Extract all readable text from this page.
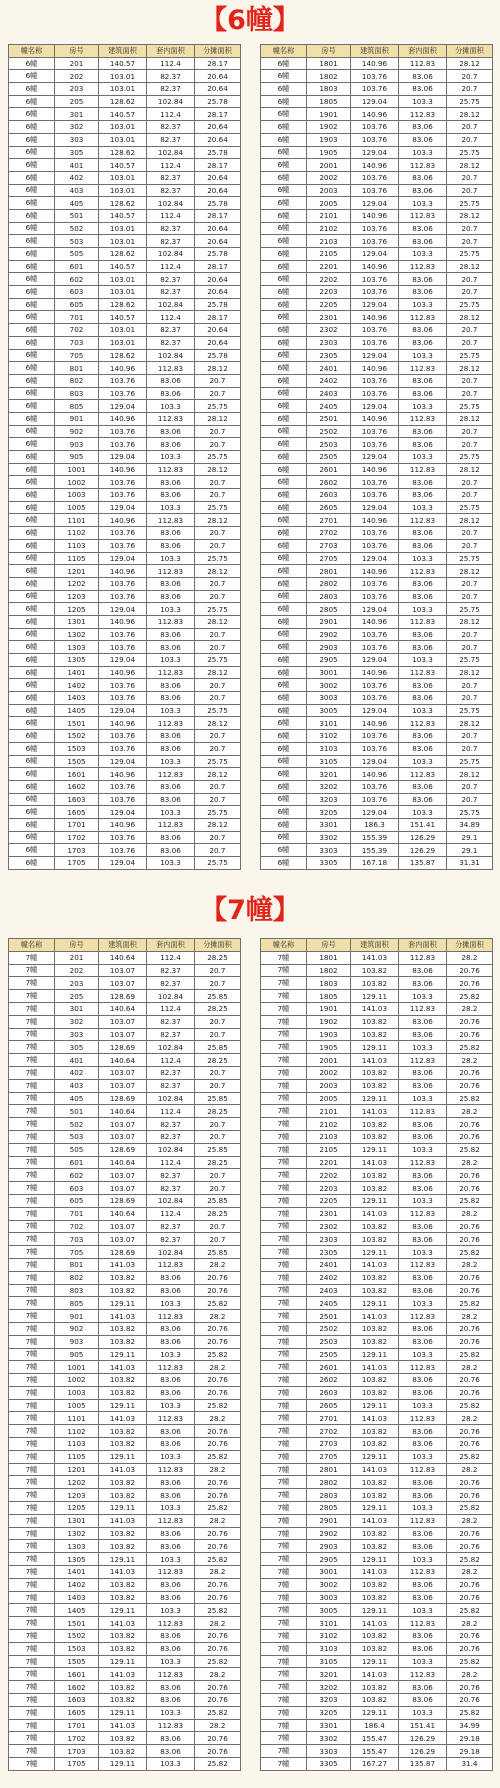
【6幢】
幢名称	房号	建筑面积	套内面积	分摊面积
6幢	201	140.57	112.4	28.17
6幢	202	103.01	82.37	20.64
6幢	203	103.01	82.37	20.64
6幢	205	128.62	102.84	25.78
6幢	301	140.57	112.4	28.17
6幢	302	103.01	82.37	20.64
6幢	303	103.01	82.37	20.64
6幢	305	128.62	102.84	25.78
6幢	401	140.57	112.4	28.17
6幢	402	103.01	82.37	20.64
6幢	403	103.01	82.37	20.64
6幢	405	128.62	102.84	25.78
6幢	501	140.57	112.4	28.17
6幢	502	103.01	82.37	20.64
6幢	503	103.01	82.37	20.64
6幢	505	128.62	102.84	25.78
6幢	601	140.57	112.4	28.17
6幢	602	103.01	82.37	20.64
6幢	603	103.01	82.37	20.64
6幢	605	128.62	102.84	25.78
6幢	701	140.57	112.4	28.17
6幢	702	103.01	82.37	20.64
6幢	703	103.01	82.37	20.64
6幢	705	128.62	102.84	25.78
6幢	801	140.96	112.83	28.12
6幢	802	103.76	83.06	20.7
6幢	803	103.76	83.06	20.7
6幢	805	129.04	103.3	25.75
6幢	901	140.96	112.83	28.12
6幢	902	103.76	83.06	20.7
6幢	903	103.76	83.06	20.7
6幢	905	129.04	103.3	25.75
6幢	1001	140.96	112.83	28.12
6幢	1002	103.76	83.06	20.7
6幢	1003	103.76	83.06	20.7
6幢	1005	129.04	103.3	25.75
6幢	1101	140.96	112.83	28.12
6幢	1102	103.76	83.06	20.7
6幢	1103	103.76	83.06	20.7
6幢	1105	129.04	103.3	25.75
6幢	1201	140.96	112.83	28.12
6幢	1202	103.76	83.06	20.7
6幢	1203	103.76	83.06	20.7
6幢	1205	129.04	103.3	25.75
6幢	1301	140.96	112.83	28.12
6幢	1302	103.76	83.06	20.7
6幢	1303	103.76	83.06	20.7
6幢	1305	129.04	103.3	25.75
6幢	1401	140.96	112.83	28.12
6幢	1402	103.76	83.06	20.7
6幢	1403	103.76	83.06	20.7
6幢	1405	129.04	103.3	25.75
6幢	1501	140.96	112.83	28.12
6幢	1502	103.76	83.06	20.7
6幢	1503	103.76	83.06	20.7
6幢	1505	129.04	103.3	25.75
6幢	1601	140.96	112.83	28.12
6幢	1602	103.76	83.06	20.7
6幢	1603	103.76	83.06	20.7
6幢	1605	129.04	103.3	25.75
6幢	1701	140.96	112.83	28.12
6幢	1702	103.76	83.06	20.7
6幢	1703	103.76	83.06	20.7
6幢	1705	129.04	103.3	25.75
幢名称	房号	建筑面积	套内面积	分摊面积
6幢	1801	140.96	112.83	28.12
6幢	1802	103.76	83.06	20.7
6幢	1803	103.76	83.06	20.7
6幢	1805	129.04	103.3	25.75
6幢	1901	140.96	112.83	28.12
6幢	1902	103.76	83.06	20.7
6幢	1903	103.76	83.06	20.7
6幢	1905	129.04	103.3	25.75
6幢	2001	140.96	112.83	28.12
6幢	2002	103.76	83.06	20.7
6幢	2003	103.76	83.06	20.7
6幢	2005	129.04	103.3	25.75
6幢	2101	140.96	112.83	28.12
6幢	2102	103.76	83.06	20.7
6幢	2103	103.76	83.06	20.7
6幢	2105	129.04	103.3	25.75
6幢	2201	140.96	112.83	28.12
6幢	2202	103.76	83.06	20.7
6幢	2203	103.76	83.06	20.7
6幢	2205	129.04	103.3	25.75
6幢	2301	140.96	112.83	28.12
6幢	2302	103.76	83.06	20.7
6幢	2303	103.76	83.06	20.7
6幢	2305	129.04	103.3	25.75
6幢	2401	140.96	112.83	28.12
6幢	2402	103.76	83.06	20.7
6幢	2403	103.76	83.06	20.7
6幢	2405	129.04	103.3	25.75
6幢	2501	140.96	112.83	28.12
6幢	2502	103.76	83.06	20.7
6幢	2503	103.76	83.06	20.7
6幢	2505	129.04	103.3	25.75
6幢	2601	140.96	112.83	28.12
6幢	2602	103.76	83.06	20.7
6幢	2603	103.76	83.06	20.7
6幢	2605	129.04	103.3	25.75
6幢	2701	140.96	112.83	28.12
6幢	2702	103.76	83.06	20.7
6幢	2703	103.76	83.06	20.7
6幢	2705	129.04	103.3	25.75
6幢	2801	140.96	112.83	28.12
6幢	2802	103.76	83.06	20.7
6幢	2803	103.76	83.06	20.7
6幢	2805	129.04	103.3	25.75
6幢	2901	140.96	112.83	28.12
6幢	2902	103.76	83.06	20.7
6幢	2903	103.76	83.06	20.7
6幢	2905	129.04	103.3	25.75
6幢	3001	140.96	112.83	28.12
6幢	3002	103.76	83.06	20.7
6幢	3003	103.76	83.06	20.7
6幢	3005	129.04	103.3	25.75
6幢	3101	140.96	112.83	28.12
6幢	3102	103.76	83.06	20.7
6幢	3103	103.76	83.06	20.7
6幢	3105	129.04	103.3	25.75
6幢	3201	140.96	112.83	28.12
6幢	3202	103.76	83.06	20.7
6幢	3203	103.76	83.06	20.7
6幢	3205	129.04	103.3	25.75
6幢	3301	186.3	151.41	34.89
6幢	3302	155.39	126.29	29.1
6幢	3303	155.39	126.29	29.1
6幢	3305	167.18	135.87	31.31
【7幢】
幢名称	房号	建筑面积	套内面积	分摊面积
7幢	201	140.64	112.4	28.25
7幢	202	103.07	82.37	20.7
7幢	203	103.07	82.37	20.7
7幢	205	128.69	102.84	25.85
7幢	301	140.64	112.4	28.25
7幢	302	103.07	82.37	20.7
7幢	303	103.07	82.37	20.7
7幢	305	128.69	102.84	25.85
7幢	401	140.64	112.4	28.25
7幢	402	103.07	82.37	20.7
7幢	403	103.07	82.37	20.7
7幢	405	128.69	102.84	25.85
7幢	501	140.64	112.4	28.25
7幢	502	103.07	82.37	20.7
7幢	503	103.07	82.37	20.7
7幢	505	128.69	102.84	25.85
7幢	601	140.64	112.4	28.25
7幢	602	103.07	82.37	20.7
7幢	603	103.07	82.37	20.7
7幢	605	128.69	102.84	25.85
7幢	701	140.64	112.4	28.25
7幢	702	103.07	82.37	20.7
7幢	703	103.07	82.37	20.7
7幢	705	128.69	102.84	25.85
7幢	801	141.03	112.83	28.2
7幢	802	103.82	83.06	20.76
7幢	803	103.82	83.06	20.76
7幢	805	129.11	103.3	25.82
7幢	901	141.03	112.83	28.2
7幢	902	103.82	83.06	20.76
7幢	903	103.82	83.06	20.76
7幢	905	129.11	103.3	25.82
7幢	1001	141.03	112.83	28.2
7幢	1002	103.82	83.06	20.76
7幢	1003	103.82	83.06	20.76
7幢	1005	129.11	103.3	25.82
7幢	1101	141.03	112.83	28.2
7幢	1102	103.82	83.06	20.76
7幢	1103	103.82	83.06	20.76
7幢	1105	129.11	103.3	25.82
7幢	1201	141.03	112.83	28.2
7幢	1202	103.82	83.06	20.76
7幢	1203	103.82	83.06	20.76
7幢	1205	129.11	103.3	25.82
7幢	1301	141.03	112.83	28.2
7幢	1302	103.82	83.06	20.76
7幢	1303	103.82	83.06	20.76
7幢	1305	129.11	103.3	25.82
7幢	1401	141.03	112.83	28.2
7幢	1402	103.82	83.06	20.76
7幢	1403	103.82	83.06	20.76
7幢	1405	129.11	103.3	25.82
7幢	1501	141.03	112.83	28.2
7幢	1502	103.82	83.06	20.76
7幢	1503	103.82	83.06	20.76
7幢	1505	129.11	103.3	25.82
7幢	1601	141.03	112.83	28.2
7幢	1602	103.82	83.06	20.76
7幢	1603	103.82	83.06	20.76
7幢	1605	129.11	103.3	25.82
7幢	1701	141.03	112.83	28.2
7幢	1702	103.82	83.06	20.76
7幢	1703	103.82	83.06	20.76
7幢	1705	129.11	103.3	25.82
幢名称	房号	建筑面积	套内面积	分摊面积
7幢	1801	141.03	112.83	28.2
7幢	1802	103.82	83.06	20.76
7幢	1803	103.82	83.06	20.76
7幢	1805	129.11	103.3	25.82
7幢	1901	141.03	112.83	28.2
7幢	1902	103.82	83.06	20.76
7幢	1903	103.82	83.06	20.76
7幢	1905	129.11	103.3	25.82
7幢	2001	141.03	112.83	28.2
7幢	2002	103.82	83.06	20.76
7幢	2003	103.82	83.06	20.76
7幢	2005	129.11	103.3	25.82
7幢	2101	141.03	112.83	28.2
7幢	2102	103.82	83.06	20.76
7幢	2103	103.82	83.06	20.76
7幢	2105	129.11	103.3	25.82
7幢	2201	141.03	112.83	28.2
7幢	2202	103.82	83.06	20.76
7幢	2203	103.82	83.06	20.76
7幢	2205	129.11	103.3	25.82
7幢	2301	141.03	112.83	28.2
7幢	2302	103.82	83.06	20.76
7幢	2303	103.82	83.06	20.76
7幢	2305	129.11	103.3	25.82
7幢	2401	141.03	112.83	28.2
7幢	2402	103.82	83.06	20.76
7幢	2403	103.82	83.06	20.76
7幢	2405	129.11	103.3	25.82
7幢	2501	141.03	112.83	28.2
7幢	2502	103.82	83.06	20.76
7幢	2503	103.82	83.06	20.76
7幢	2505	129.11	103.3	25.82
7幢	2601	141.03	112.83	28.2
7幢	2602	103.82	83.06	20.76
7幢	2603	103.82	83.06	20.76
7幢	2605	129.11	103.3	25.82
7幢	2701	141.03	112.83	28.2
7幢	2702	103.82	83.06	20.76
7幢	2703	103.82	83.06	20.76
7幢	2705	129.11	103.3	25.82
7幢	2801	141.03	112.83	28.2
7幢	2802	103.82	83.06	20.76
7幢	2803	103.82	83.06	20.76
7幢	2805	129.11	103.3	25.82
7幢	2901	141.03	112.83	28.2
7幢	2902	103.82	83.06	20.76
7幢	2903	103.82	83.06	20.76
7幢	2905	129.11	103.3	25.82
7幢	3001	141.03	112.83	28.2
7幢	3002	103.82	83.06	20.76
7幢	3003	103.82	83.06	20.76
7幢	3005	129.11	103.3	25.82
7幢	3101	141.03	112.83	28.2
7幢	3102	103.82	83.06	20.76
7幢	3103	103.82	83.06	20.76
7幢	3105	129.11	103.3	25.82
7幢	3201	141.03	112.83	28.2
7幢	3202	103.82	83.06	20.76
7幢	3203	103.82	83.06	20.76
7幢	3205	129.11	103.3	25.82
7幢	3301	186.4	151.41	34.99
7幢	3302	155.47	126.29	29.18
7幢	3303	155.47	126.29	29.18
7幢	3305	167.27	135.87	31.4
